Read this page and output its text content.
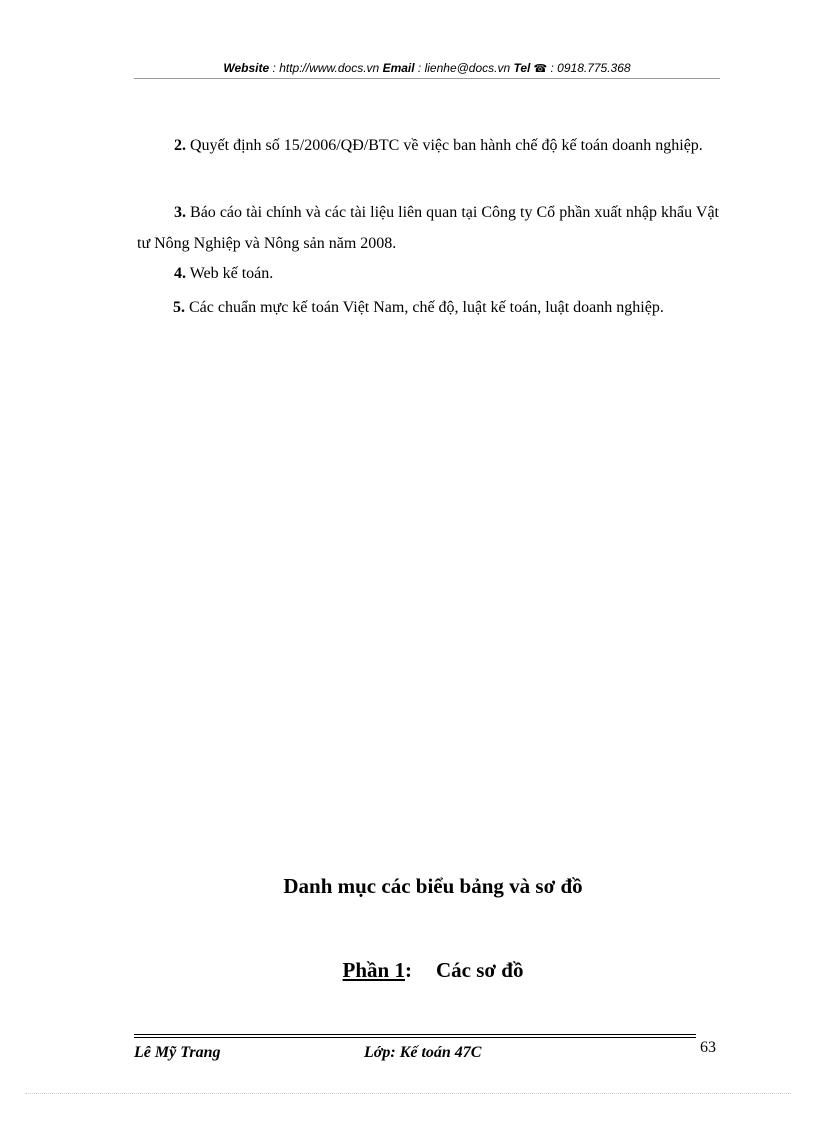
Website : http://www.docs.vn Email : lienhe@docs.vn Tel ☎ : 0918.775.368
2. Quyết định số 15/2006/QĐ/BTC về việc ban hành chế độ kế toán doanh nghiệp.
3. Báo cáo tài chính và các tài liệu liên quan tại Công ty Cổ phần xuất nhập khẩu Vật tư Nông Nghiệp và Nông sản năm 2008.
4. Web kế toán.
5. Các chuẩn mực kế toán Việt Nam, chế độ, luật kế toán, luật doanh nghiệp.
Danh mục các biểu bảng và sơ đồ
Phần 1: Các sơ đồ
Lê Mỹ Trang	Lớp: Kế toán 47C	63
